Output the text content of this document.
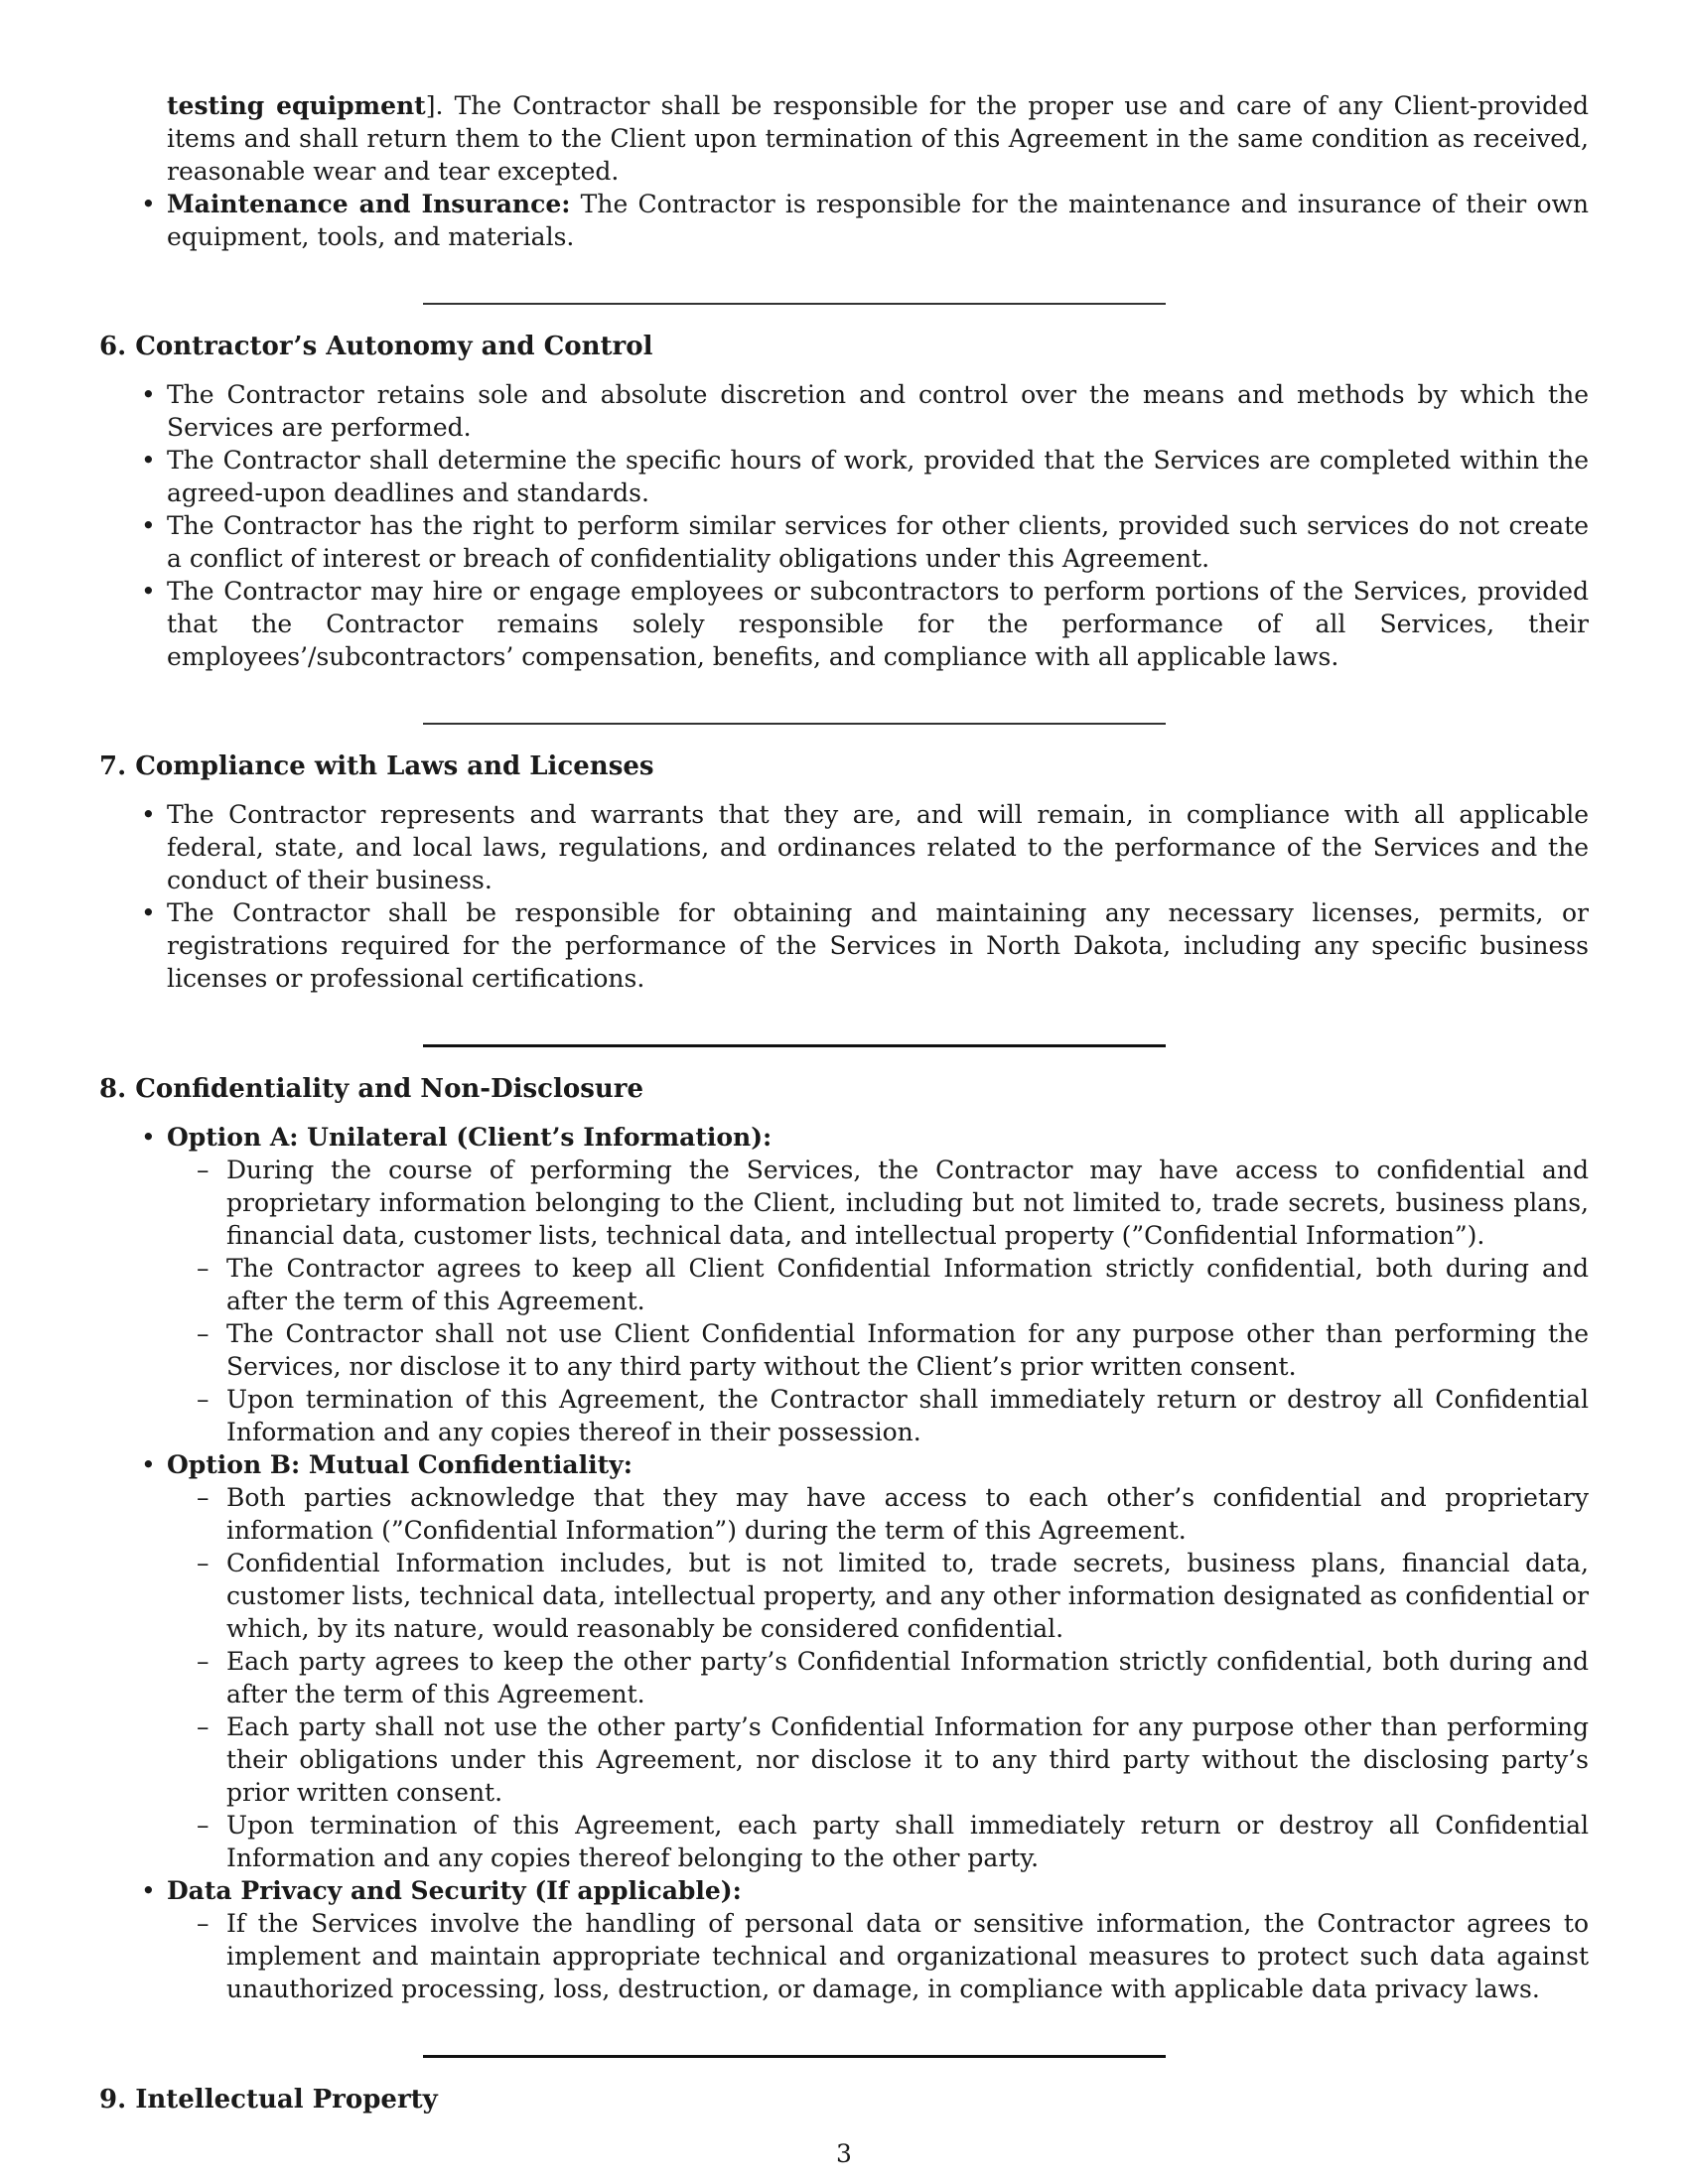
testing equipment]. The Contractor shall be responsible for the proper use and care of any Client-provided items and shall return them to the Client upon termination of this Agreement in the same condition as received, reasonable wear and tear excepted.

• Maintenance and Insurance: The Contractor is responsible for the maintenance and insurance of their own equipment, tools, and materials.
6. Contractor’s Autonomy and Control
• The Contractor retains sole and absolute discretion and control over the means and methods by which the Services are performed.
• The Contractor shall determine the specific hours of work, provided that the Services are completed within the agreed-upon deadlines and standards.
• The Contractor has the right to perform similar services for other clients, provided such services do not create a conflict of interest or breach of confidentiality obligations under this Agreement.
• The Contractor may hire or engage employees or subcontractors to perform portions of the Services, provided that the Contractor remains solely responsible for the performance of all Services, their employees’/subcontractors’ compensation, benefits, and compliance with all applicable laws.
7. Compliance with Laws and Licenses
• The Contractor represents and warrants that they are, and will remain, in compliance with all applicable federal, state, and local laws, regulations, and ordinances related to the performance of the Services and the conduct of their business.
• The Contractor shall be responsible for obtaining and maintaining any necessary licenses, permits, or registrations required for the performance of the Services in North Dakota, including any specific business licenses or professional certifications.
8. Confidentiality and Non-Disclosure
• Option A: Unilateral (Client’s Information):
– During the course of performing the Services, the Contractor may have access to confidential and proprietary information belonging to the Client, including but not limited to, trade secrets, business plans, financial data, customer lists, technical data, and intellectual property (”Confidential Information”).
– The Contractor agrees to keep all Client Confidential Information strictly confidential, both during and after the term of this Agreement.
– The Contractor shall not use Client Confidential Information for any purpose other than performing the Services, nor disclose it to any third party without the Client’s prior written consent.
– Upon termination of this Agreement, the Contractor shall immediately return or destroy all Confidential Information and any copies thereof in their possession.
• Option B: Mutual Confidentiality:
– Both parties acknowledge that they may have access to each other’s confidential and proprietary information (”Confidential Information”) during the term of this Agreement.
– Confidential Information includes, but is not limited to, trade secrets, business plans, financial data, customer lists, technical data, intellectual property, and any other information designated as confidential or which, by its nature, would reasonably be considered confidential.
– Each party agrees to keep the other party’s Confidential Information strictly confidential, both during and after the term of this Agreement.
– Each party shall not use the other party’s Confidential Information for any purpose other than performing their obligations under this Agreement, nor disclose it to any third party without the disclosing party’s prior written consent.
– Upon termination of this Agreement, each party shall immediately return or destroy all Confidential Information and any copies thereof belonging to the other party.
• Data Privacy and Security (If applicable):
– If the Services involve the handling of personal data or sensitive information, the Contractor agrees to implement and maintain appropriate technical and organizational measures to protect such data against unauthorized processing, loss, destruction, or damage, in compliance with applicable data privacy laws.
9. Intellectual Property
3
